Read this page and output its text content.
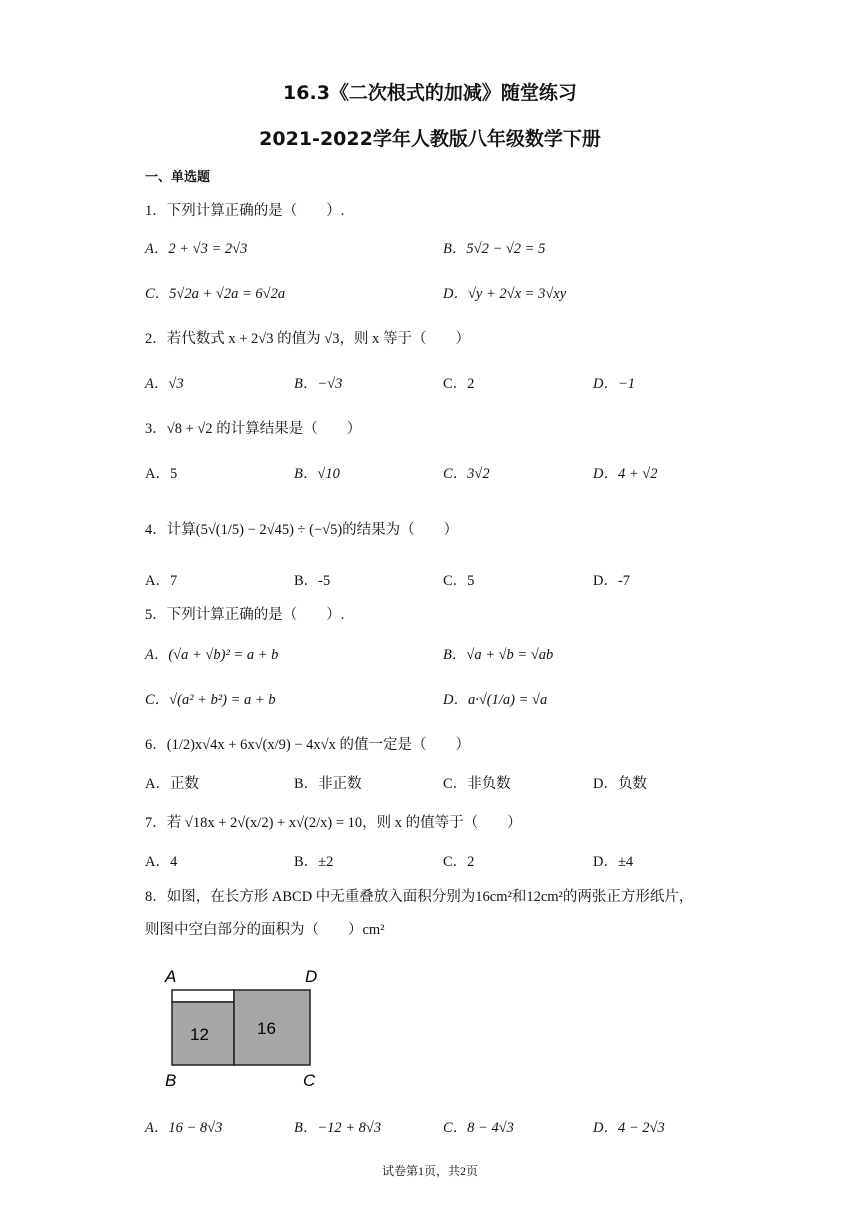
16.3《二次根式的加减》随堂练习
2021-2022学年人教版八年级数学下册
一、单选题
1．下列计算正确的是（　　）.
A．2 + √3 = 2√3	B．5√2 − √2 = 5
C．5√2a + √2a = 6√2a	D．√y + 2√x = 3√xy
2．若代数式 x + 2√3 的值为 √3，则 x 等于（　　）
A．√3	B．−√3	C．2	D．−1
3．√8 + √2 的计算结果是（　　）
A．5	B．√10	C．3√2	D．4 + √2
4．计算(5√(1/5) − 2√45) ÷ (−√5)的结果为（　　）
A．7	B．-5	C．5	D．-7
5．下列计算正确的是（　　）.
A．(√a + √b)² = a + b	B．√a + √b = √ab
C．√(a² + b²) = a + b	D．a·√(1/a) = √a
6．(1/2)x√4x + 6x√(x/9) − 4x√x 的值一定是（　　）
A．正数	B．非正数	C．非负数	D．负数
7．若 √18x + 2√(x/2) + x√(2/x) = 10，则 x 的值等于（　　）
A．4	B．±2	C．2	D．±4
8．如图，在长方形 ABCD 中无重叠放入面积分别为16cm²和12cm²的两张正方形纸片，
则图中空白部分的面积为（　　）cm²
A	D
B	C
12	16
A．16 − 8√3	B．−12 + 8√3	C．8 − 4√3	D．4 − 2√3
试卷第1页，共2页
